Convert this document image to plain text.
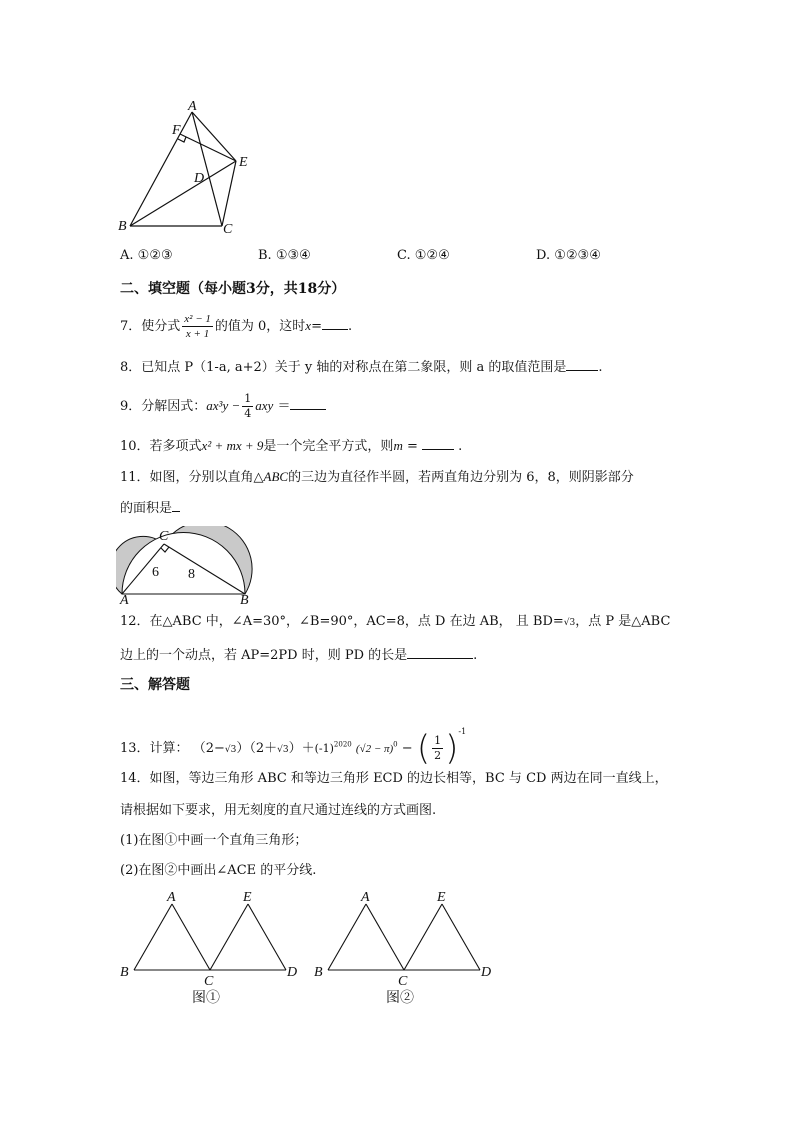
A
F
E
D
B	C
A. ①②③	B. ①③④	C. ①②④	D. ①②③④
二、填空题（每小题3分，共18分）
7．使分式 $\frac{\text{x² − 1}}{x + 1}$ 的值为 0，这时x= .
8．已知点 P（1-a, a+2）关于 y 轴的对称点在第二象限，则 a 的取值范围是 .
9．分解因式：$ax^3y - \frac{1}{4}$ axy ＝
10．若多项式x² + mx + 9是一个完全平方式，则m =	.
11．如图，分别以直角△ABC的三边为直径作半圆，若两直角边分别为 6，8，则阴影部分
的面积是
C
A	B
6 8
12．在△ABC 中，∠A=30°，∠B=90°，AC=8，点 D 在边 AB， 且 BD=√3，点 P 是△ABC
边上的一个动点，若 AP=2PD 时，则 PD 的长是	.
三、解答题
13．计算： $(2-√3)(2+√3)+(-1)^{2020}$ $(√2 - \pi)^0$ − ( $\frac{1}{2} )^{-1}$
14．如图，等边三角形 ABC 和等边三角形 ECD 的边长相等，BC 与 CD 两边在同一直线上，
请根据如下要求，用无刻度的直尺通过连线的方式画图.
(1)在图①中画一个直角三角形；
(2)在图②中画出∠ACE 的平分线.
A	E
B
C
D
图①
A	E
B
C
D
图②
